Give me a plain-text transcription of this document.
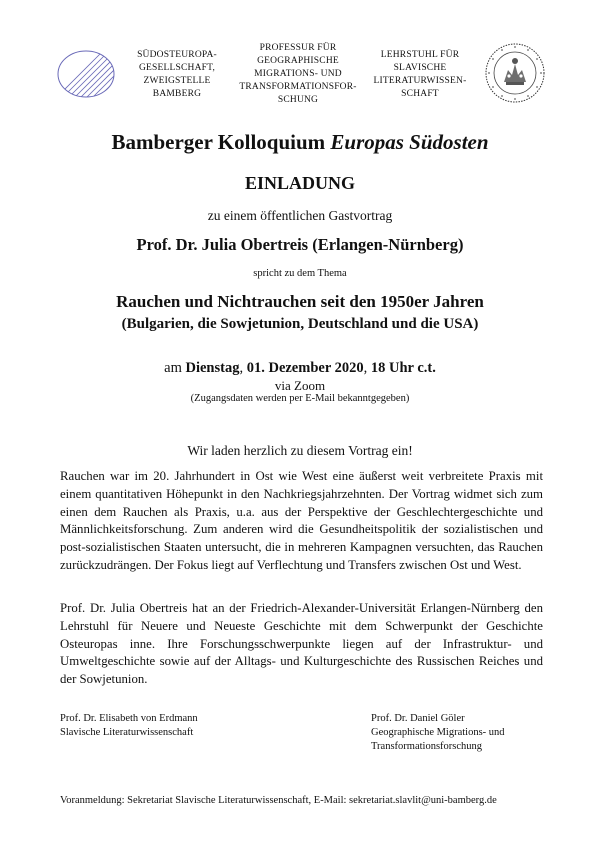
SÜDOSTEUROPA-
GESELLSCHAFT,
ZWEIGSTELLE
BAMBERG
PROFESSUR FÜR
GEOGRAPHISCHE
MIGRATIONS- UND
TRANSFORMATIONSFOR-
SCHUNG
LEHRSTUHL FÜR
SLAVISCHE
LITERATURWISSEN-
SCHAFT
Bamberger Kolloquium Europas Südosten
EINLADUNG
zu einem öffentlichen Gastvortrag
Prof. Dr. Julia Obertreis (Erlangen-Nürnberg)
spricht zu dem Thema
Rauchen und Nichtrauchen seit den 1950er Jahren
(Bulgarien, die Sowjetunion, Deutschland und die USA)
am Dienstag, 01. Dezember 2020, 18 Uhr c.t.
via Zoom
(Zugangsdaten werden per E-Mail bekanntgegeben)
Wir laden herzlich zu diesem Vortrag ein!
Rauchen war im 20. Jahrhundert in Ost wie West eine äußerst weit verbreitete Praxis mit einem quantitativen Höhepunkt in den Nachkriegsjahrzehnten. Der Vortrag widmet sich zum einen dem Rauchen als Praxis, u.a. aus der Perspektive der Geschlechtergeschichte und Männlichkeitsforschung. Zum anderen wird die Gesundheitspolitik der sozialistischen und post-sozialistischen Staaten untersucht, die in mehreren Kampagnen versuchten, das Rauchen zurückzudrängen. Der Fokus liegt auf Verflechtung und Transfers zwischen Ost und West.
Prof. Dr. Julia Obertreis hat an der Friedrich-Alexander-Universität Erlangen-Nürnberg den Lehrstuhl für Neuere und Neueste Geschichte mit dem Schwerpunkt der Geschichte Osteuropas inne. Ihre Forschungsschwerpunkte liegen auf der Infrastruktur- und Umweltgeschichte sowie auf der Alltags- und Kulturgeschichte des Russischen Reiches und der Sowjetunion.
Prof. Dr. Elisabeth von Erdmann
Slavische Literaturwissenschaft
Prof. Dr. Daniel Göler
Geographische Migrations- und
Transformationsforschung
Voranmeldung: Sekretariat Slavische Literaturwissenschaft, E-Mail: sekretariat.slavlit@uni-bamberg.de
